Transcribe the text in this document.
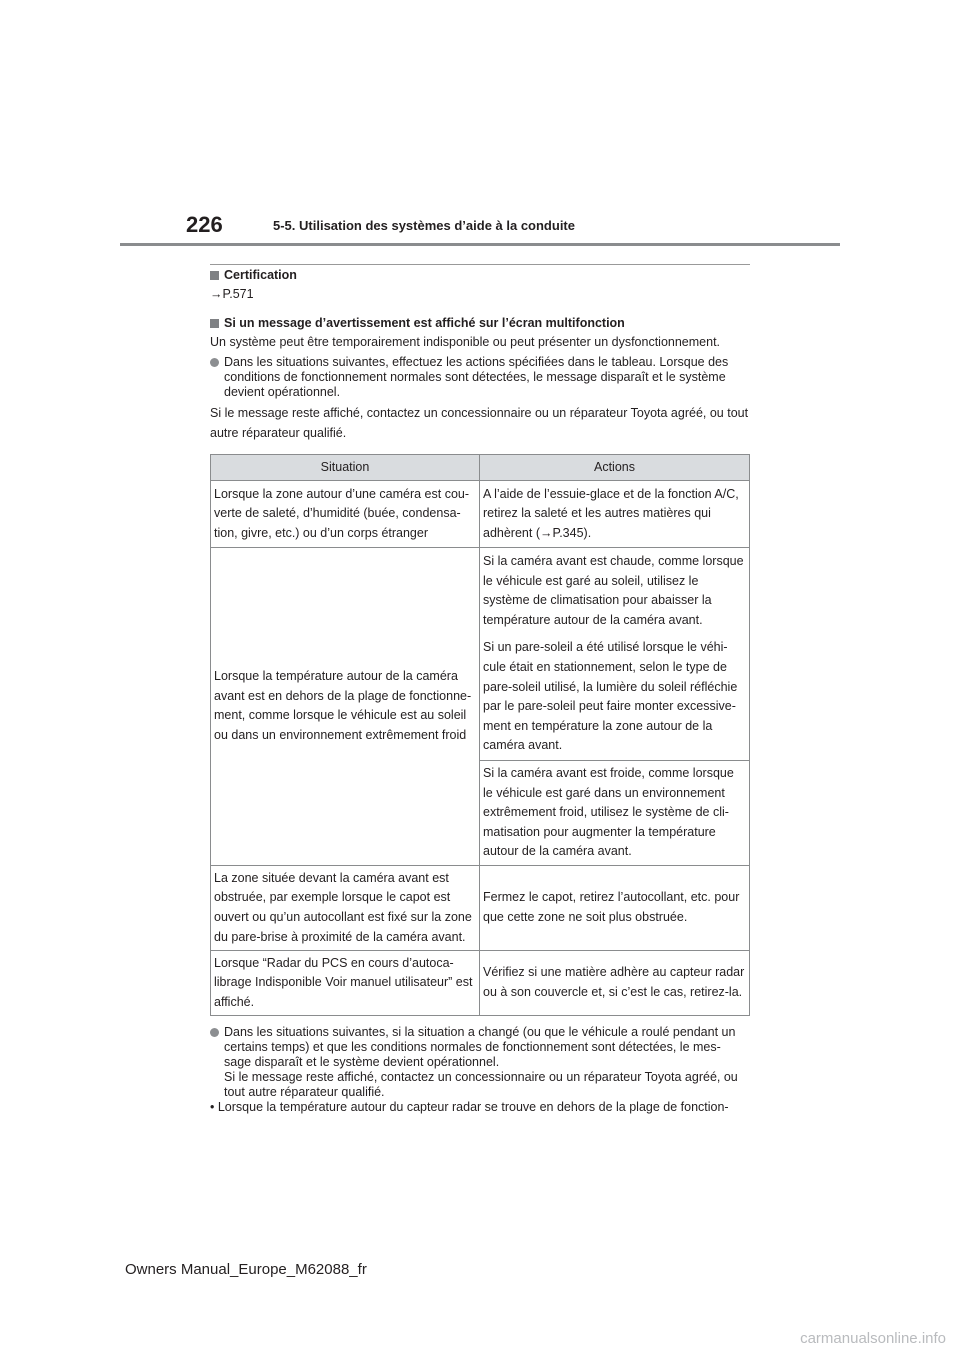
226	5-5. Utilisation des systèmes d’aide à la conduite

Certification

→P.571

Si un message d’avertissement est affiché sur l’écran multifonction

Un système peut être temporairement indisponible ou peut présenter un dysfonctionnement.

Dans les situations suivantes, effectuez les actions spécifiées dans le tableau. Lorsque des conditions de fonctionnement normales sont détectées, le message disparaît et le système devient opérationnel.

Si le message reste affiché, contactez un concessionnaire ou un réparateur Toyota agréé, ou tout autre réparateur qualifié.

Situation	Actions
Lorsque la zone autour d’une caméra est cou- verte de saleté, d’humidité (buée, condensa- tion, givre, etc.) ou d’un corps étranger	A l’aide de l’essuie-glace et de la fonction A/C, retirez la saleté et les autres matières qui adhèrent (→P.345).
Lorsque la température autour de la caméra avant est en dehors de la plage de fonctionne- ment, comme lorsque le véhicule est au soleil ou dans un environnement extrêmement froid	Si la caméra avant est chaude, comme lorsque le véhicule est garé au soleil, utilisez le système de climatisation pour abaisser la température autour de la caméra avant.
Si un pare-soleil a été utilisé lorsque le véhi- cule était en stationnement, selon le type de pare-soleil utilisé, la lumière du soleil réfléchie par le pare-soleil peut faire monter excessive- ment en température la zone autour de la caméra avant.

	Si la caméra avant est froide, comme lorsque le véhicule est garé dans un environnement extrêmement froid, utilisez le système de cli- matisation pour augmenter la température autour de la caméra avant.
La zone située devant la caméra avant est obstruée, par exemple lorsque le capot est ouvert ou qu’un autocollant est fixé sur la zone du pare-brise à proximité de la caméra avant.	Fermez le capot, retirez l’autocollant, etc. pour que cette zone ne soit plus obstruée.
Lorsque “Radar du PCS en cours d’autoca- librage Indisponible Voir manuel utilisateur” est affiché.	Vérifiez si une matière adhère au capteur radar ou à son couvercle et, si c’est le cas, retirez-la.
Dans les situations suivantes, si la situation a changé (ou que le véhicule a roulé pendant un certains temps) et que les conditions normales de fonctionnement sont détectées, le mes- sage disparaît et le système devient opérationnel.
Si le message reste affiché, contactez un concessionnaire ou un réparateur Toyota agréé, ou tout autre réparateur qualifié.

• Lorsque la température autour du capteur radar se trouve en dehors de la plage de fonction-

Owners Manual_Europe_M62088_fr
carmanualsonline.info
